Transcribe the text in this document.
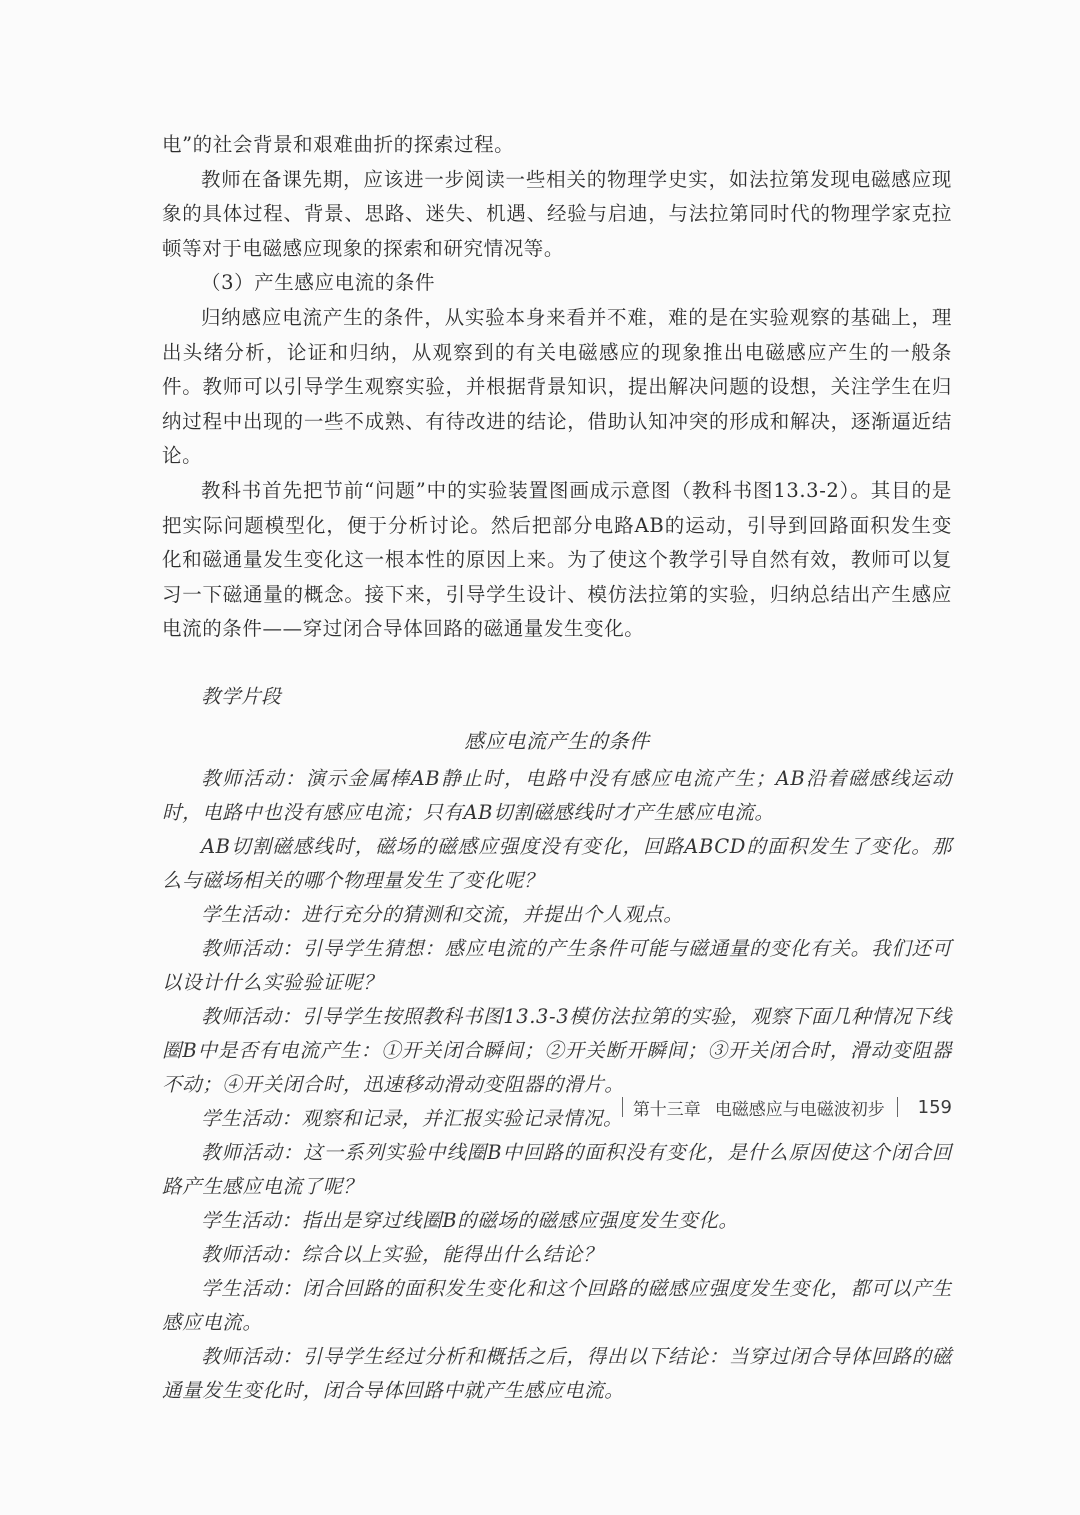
电”的社会背景和艰难曲折的探索过程。

教师在备课先期，应该进一步阅读一些相关的物理学史实，如法拉第发现电磁感应现象的具体过程、背景、思路、迷失、机遇、经验与启迪，与法拉第同时代的物理学家克拉顿等对于电磁感应现象的探索和研究情况等。

（3）产生感应电流的条件

归纳感应电流产生的条件，从实验本身来看并不难，难的是在实验观察的基础上，理出头绪分析，论证和归纳，从观察到的有关电磁感应的现象推出电磁感应产生的一般条件。教师可以引导学生观察实验，并根据背景知识，提出解决问题的设想，关注学生在归纳过程中出现的一些不成熟、有待改进的结论，借助认知冲突的形成和解决，逐渐逼近结论。

教科书首先把节前“问题”中的实验装置图画成示意图（教科书图13.3-2）。其目的是把实际问题模型化，便于分析讨论。然后把部分电路AB的运动，引导到回路面积发生变化和磁通量发生变化这一根本性的原因上来。为了使这个教学引导自然有效，教师可以复习一下磁通量的概念。接下来，引导学生设计、模仿法拉第的实验，归纳总结出产生感应电流的条件——穿过闭合导体回路的磁通量发生变化。

教学片段

感应电流产生的条件

教师活动：演示金属棒AB静止时，电路中没有感应电流产生；AB沿着磁感线运动时，电路中也没有感应电流；只有AB切割磁感线时才产生感应电流。

AB切割磁感线时，磁场的磁感应强度没有变化，回路ABCD的面积发生了变化。那么与磁场相关的哪个物理量发生了变化呢？

学生活动：进行充分的猜测和交流，并提出个人观点。

教师活动：引导学生猜想：感应电流的产生条件可能与磁通量的变化有关。我们还可以设计什么实验验证呢？

教师活动：引导学生按照教科书图13.3-3模仿法拉第的实验，观察下面几种情况下线圈B中是否有电流产生：①开关闭合瞬间；②开关断开瞬间；③开关闭合时，滑动变阻器不动；④开关闭合时，迅速移动滑动变阻器的滑片。

学生活动：观察和记录，并汇报实验记录情况。

教师活动：这一系列实验中线圈B中回路的面积没有变化，是什么原因使这个闭合回路产生感应电流了呢？

学生活动：指出是穿过线圈B的磁场的磁感应强度发生变化。

教师活动：综合以上实验，能得出什么结论？

学生活动：闭合回路的面积发生变化和这个回路的磁感应强度发生变化，都可以产生感应电流。

教师活动：引导学生经过分析和概括之后，得出以下结论：当穿过闭合导体回路的磁通量发生变化时，闭合导体回路中就产生感应电流。

第十三章 电磁感应与电磁波初步 159
